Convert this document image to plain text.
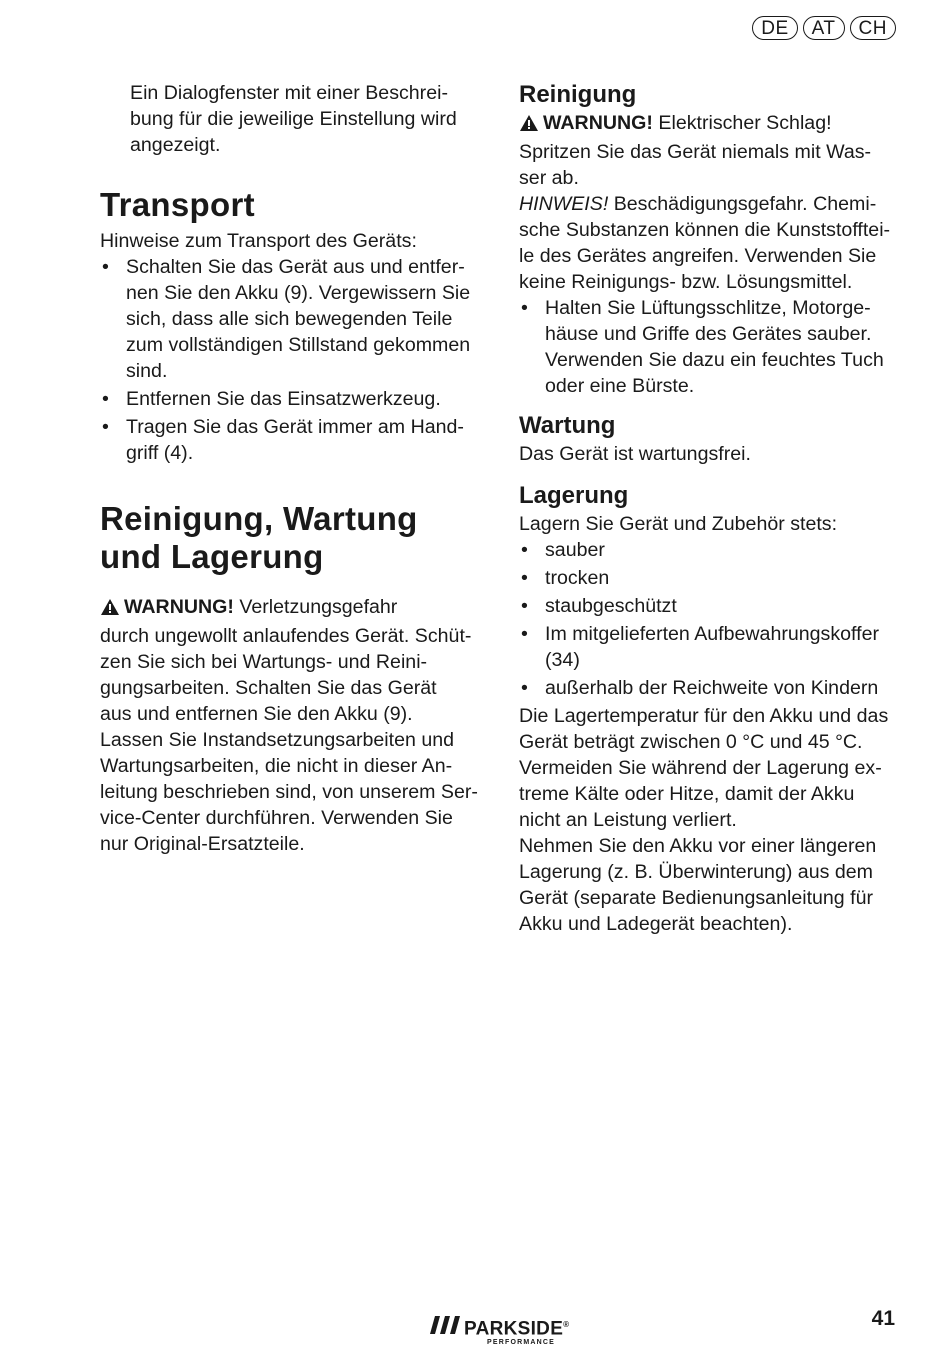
DE	AT	CH

Ein Dialogfenster mit einer Beschrei-
bung für die jeweilige Einstellung wird
angezeigt.

Transport

Hinweise zum Transport des Geräts:

• Schalten Sie das Gerät aus und entfer-
nen Sie den Akku (9). Vergewissern Sie
sich, dass alle sich bewegenden Teile
zum vollständigen Stillstand gekommen
sind.
• Entfernen Sie das Einsatzwerkzeug.
• Tragen Sie das Gerät immer am Hand-
griff (4).
Reinigung, Wartung
und Lagerung

WARNUNG! Verletzungsgefahr
durch ungewollt anlaufendes Gerät. Schüt-
zen Sie sich bei Wartungs- und Reini-
gungsarbeiten. Schalten Sie das Gerät
aus und entfernen Sie den Akku (9).

Lassen Sie Instandsetzungsarbeiten und
Wartungsarbeiten, die nicht in dieser An-
leitung beschrieben sind, von unserem Ser-
vice-Center durchführen. Verwenden Sie
nur Original-Ersatzteile.

Reinigung

WARNUNG! Elektrischer Schlag!
Spritzen Sie das Gerät niemals mit Was-
ser ab.

HINWEIS! Beschädigungsgefahr. Chemi-
sche Substanzen können die Kunststofftei-
le des Gerätes angreifen. Verwenden Sie
keine Reinigungs- bzw. Lösungsmittel.

• Halten Sie Lüftungsschlitze, Motorge-
häuse und Griffe des Gerätes sauber.
Verwenden Sie dazu ein feuchtes Tuch
oder eine Bürste.
Wartung

Das Gerät ist wartungsfrei.

Lagerung

Lagern Sie Gerät und Zubehör stets:

• sauber
• trocken
• staubgeschützt
• Im mitgelieferten Aufbewahrungskoffer
(34)
• außerhalb der Reichweite von Kindern

Die Lagertemperatur für den Akku und das
Gerät beträgt zwischen 0 °C und 45 °C.
Vermeiden Sie während der Lagerung ex-
treme Kälte oder Hitze, damit der Akku
nicht an Leistung verliert.

Nehmen Sie den Akku vor einer längeren
Lagerung (z. B. Überwinterung) aus dem
Gerät (separate Bedienungsanleitung für
Akku und Ladegerät beachten).

PARKSIDE®
PERFORMANCE
41
